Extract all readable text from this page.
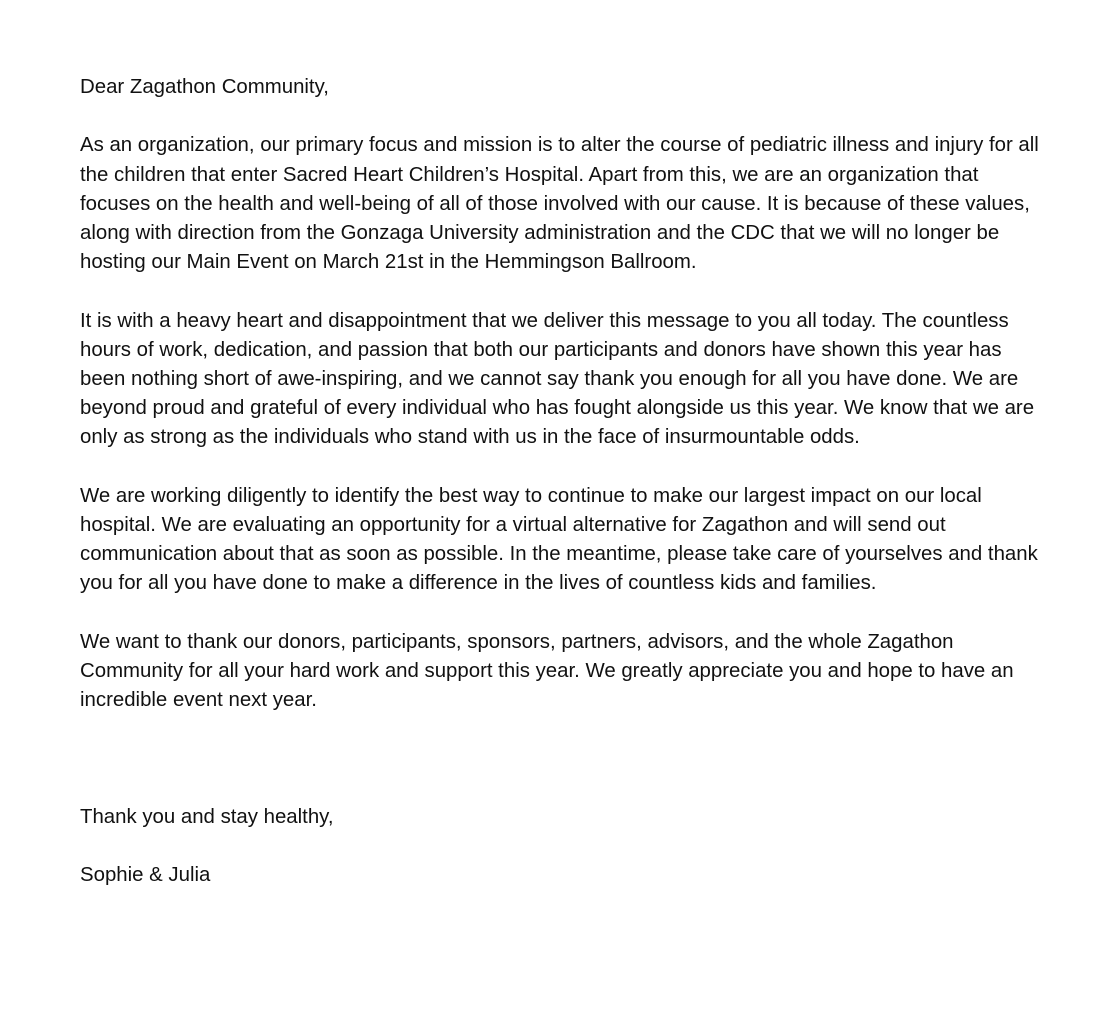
Dear Zagathon Community,

As an organization, our primary focus and mission is to alter the course of pediatric illness and injury for all the children that enter Sacred Heart Children’s Hospital. Apart from this, we are an organization that focuses on the health and well-being of all of those involved with our cause. It is because of these values, along with direction from the Gonzaga University administration and the CDC that we will no longer be hosting our Main Event on March 21st in the Hemmingson Ballroom.

It is with a heavy heart and disappointment that we deliver this message to you all today. The countless hours of work, dedication, and passion that both our participants and donors have shown this year has been nothing short of awe-inspiring, and we cannot say thank you enough for all you have done. We are beyond proud and grateful of every individual who has fought alongside us this year. We know that we are only as strong as the individuals who stand with us in the face of insurmountable odds.

We are working diligently to identify the best way to continue to make our largest impact on our local hospital. We are evaluating an opportunity for a virtual alternative for Zagathon and will send out communication about that as soon as possible. In the meantime, please take care of yourselves and thank you for all you have done to make a difference in the lives of countless kids and families.

We want to thank our donors, participants, sponsors, partners, advisors, and the whole Zagathon Community for all your hard work and support this year. We greatly appreciate you and hope to have an incredible event next year.

Thank you and stay healthy,

Sophie & Julia
